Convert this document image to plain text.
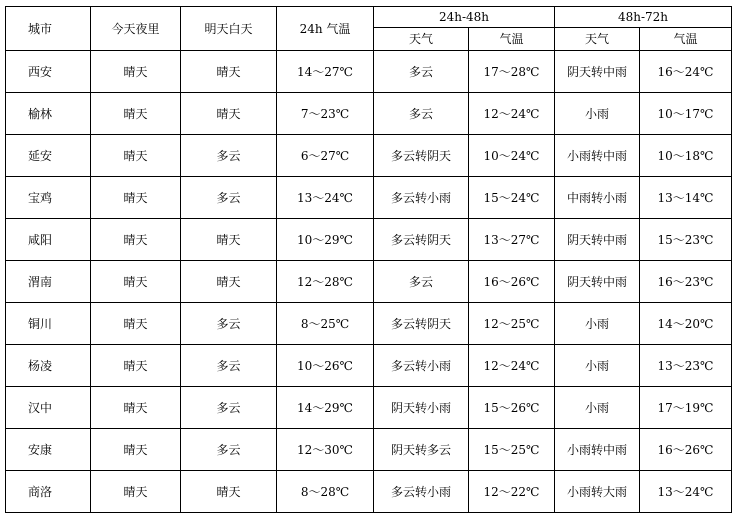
城市	今天夜里	明天白天	24h 气温	24h-48h		48h-72h	
				天气	气温	天气	气温
西安	晴天	晴天	14～27℃	多云	17～28℃	阴天转中雨	16～24℃
榆林	晴天	晴天	7～23℃	多云	12～24℃	小雨	10～17℃
延安	晴天	多云	6～27℃	多云转阴天	10～24℃	小雨转中雨	10～18℃
宝鸡	晴天	多云	13～24℃	多云转小雨	15～24℃	中雨转小雨	13～14℃
咸阳	晴天	晴天	10～29℃	多云转阴天	13～27℃	阴天转中雨	15～23℃
渭南	晴天	晴天	12～28℃	多云	16～26℃	阴天转中雨	16～23℃
铜川	晴天	多云	8～25℃	多云转阴天	12～25℃	小雨	14～20℃
杨凌	晴天	多云	10～26℃	多云转小雨	12～24℃	小雨	13～23℃
汉中	晴天	多云	14～29℃	阴天转小雨	15～26℃	小雨	17～19℃
安康	晴天	多云	12～30℃	阴天转多云	15～25℃	小雨转中雨	16～26℃
商洛	晴天	晴天	8～28℃	多云转小雨	12～22℃	小雨转大雨	13～24℃
